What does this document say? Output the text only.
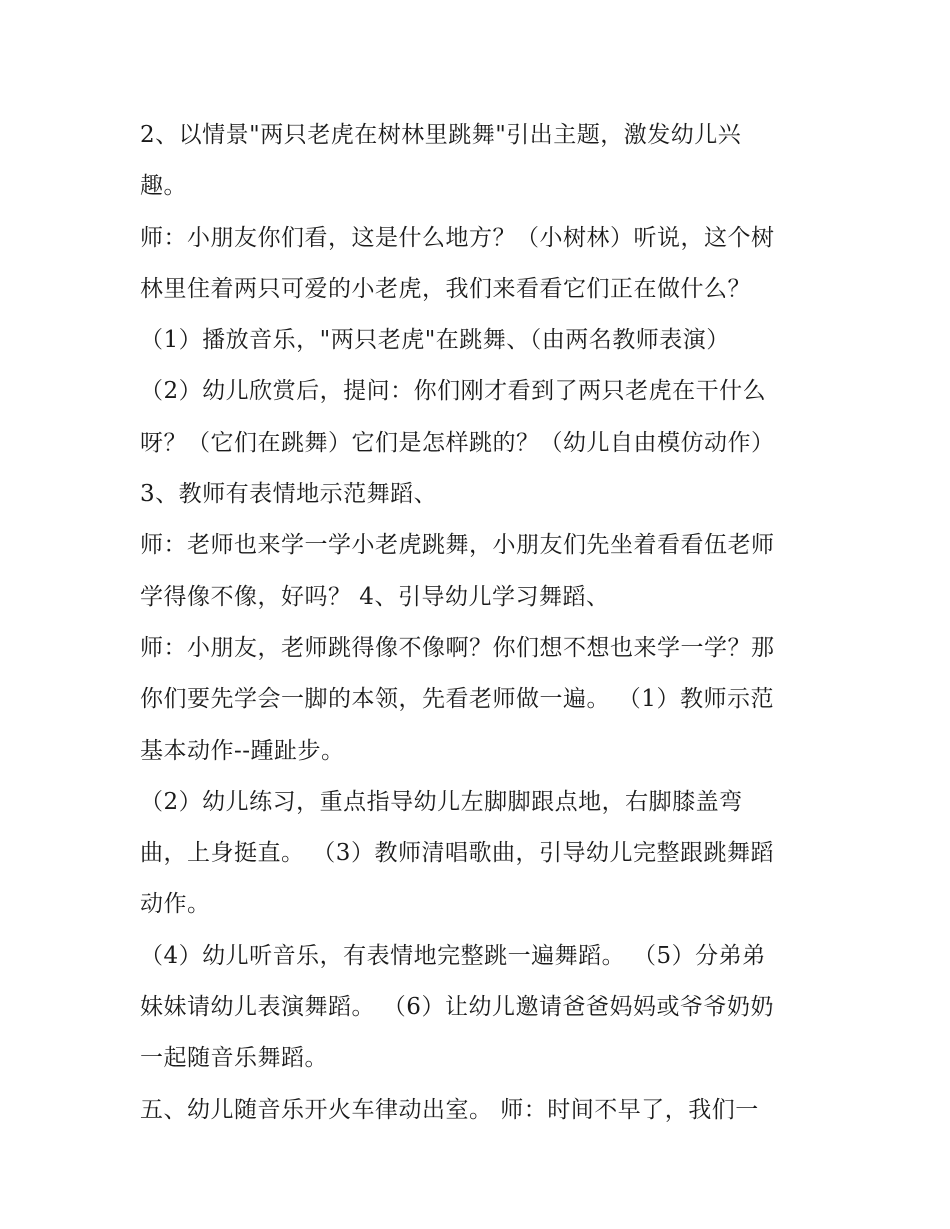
2、以情景"两只老虎在树林里跳舞"引出主题，激发幼儿兴
趣。
师：小朋友你们看，这是什么地方？（小树林）听说，这个树
林里住着两只可爱的小老虎，我们来看看它们正在做什么？
（1）播放音乐，"两只老虎"在跳舞、（由两名教师表演）
（2）幼儿欣赏后，提问：你们刚才看到了两只老虎在干什么
呀？（它们在跳舞）它们是怎样跳的？（幼儿自由模仿动作）
3、教师有表情地示范舞蹈、
师：老师也来学一学小老虎跳舞，小朋友们先坐着看看伍老师
学得像不像，好吗？ 4、引导幼儿学习舞蹈、
师：小朋友，老师跳得像不像啊？你们想不想也来学一学？那
你们要先学会一脚的本领，先看老师做一遍。 （1）教师示范
基本动作--踵趾步。
（2）幼儿练习，重点指导幼儿左脚脚跟点地，右脚膝盖弯
曲，上身挺直。 （3）教师清唱歌曲，引导幼儿完整跟跳舞蹈
动作。
（4）幼儿听音乐，有表情地完整跳一遍舞蹈。 （5）分弟弟
妹妹请幼儿表演舞蹈。 （6）让幼儿邀请爸爸妈妈或爷爷奶奶
一起随音乐舞蹈。
五、幼儿随音乐开火车律动出室。 师：时间不早了，我们一
